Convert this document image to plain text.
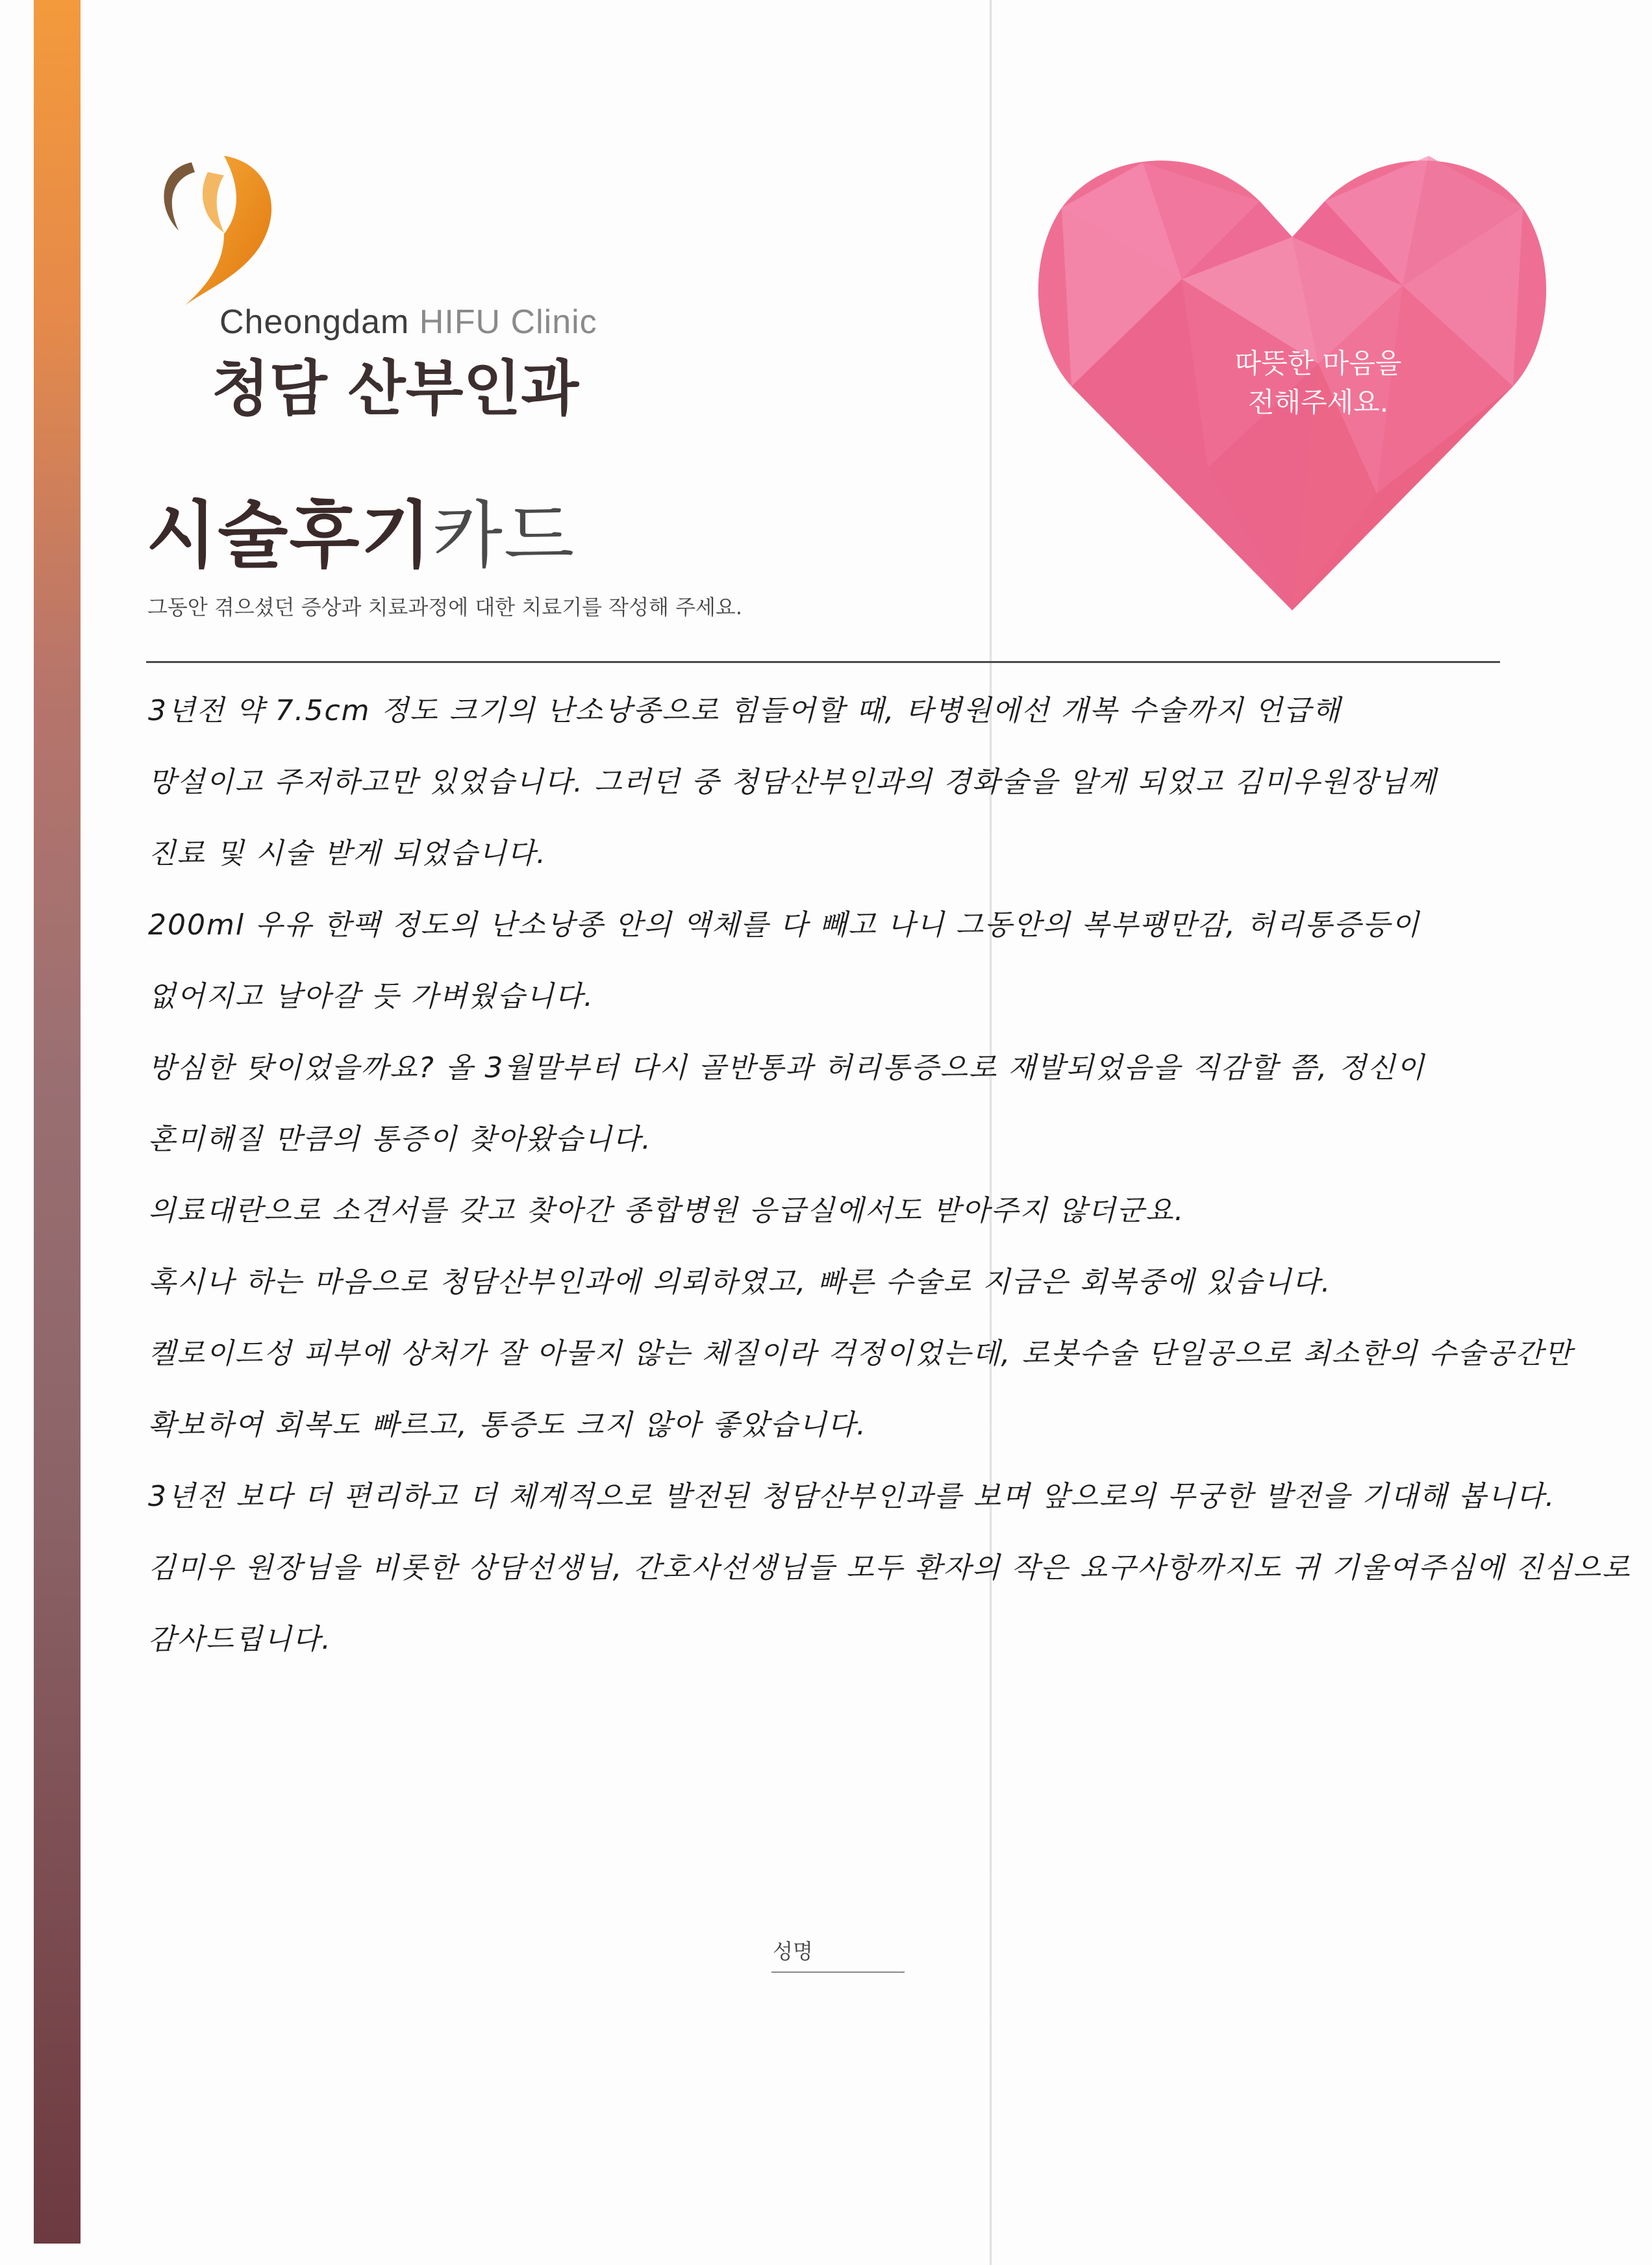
Cheongdam HIFU Clinic
청담 산부인과
시술후기카드
그동안 겪으셨던 증상과 치료과정에 대한 치료기를 작성해 주세요.
따뜻한 마음을
전해주세요.
3년전 약 7.5cm 정도 크기의 난소낭종으로 힘들어할 때, 타병원에선 개복 수술까지 언급해
망설이고 주저하고만 있었습니다. 그러던 중 청담산부인과의 경화술을 알게 되었고 김미우원장님께
진료 및 시술 받게 되었습니다.
200ml 우유 한팩 정도의 난소낭종 안의 액체를 다 빼고 나니 그동안의 복부팽만감, 허리통증등이
없어지고 날아갈 듯 가벼웠습니다.
방심한 탓이었을까요? 올 3월말부터 다시 골반통과 허리통증으로 재발되었음을 직감할 쯤, 정신이
혼미해질 만큼의 통증이 찾아왔습니다.
의료대란으로 소견서를 갖고 찾아간 종합병원 응급실에서도 받아주지 않더군요.
혹시나 하는 마음으로 청담산부인과에 의뢰하였고, 빠른 수술로 지금은 회복중에 있습니다.
켈로이드성 피부에 상처가 잘 아물지 않는 체질이라 걱정이었는데, 로봇수술 단일공으로 최소한의 수술공간만
확보하여 회복도 빠르고, 통증도 크지 않아 좋았습니다.
3년전 보다 더 편리하고 더 체계적으로 발전된 청담산부인과를 보며 앞으로의 무궁한 발전을 기대해 봅니다.
김미우 원장님을 비롯한 상담선생님, 간호사선생님들 모두 환자의 작은 요구사항까지도 귀 기울여주심에 진심으로
감사드립니다.
성명
